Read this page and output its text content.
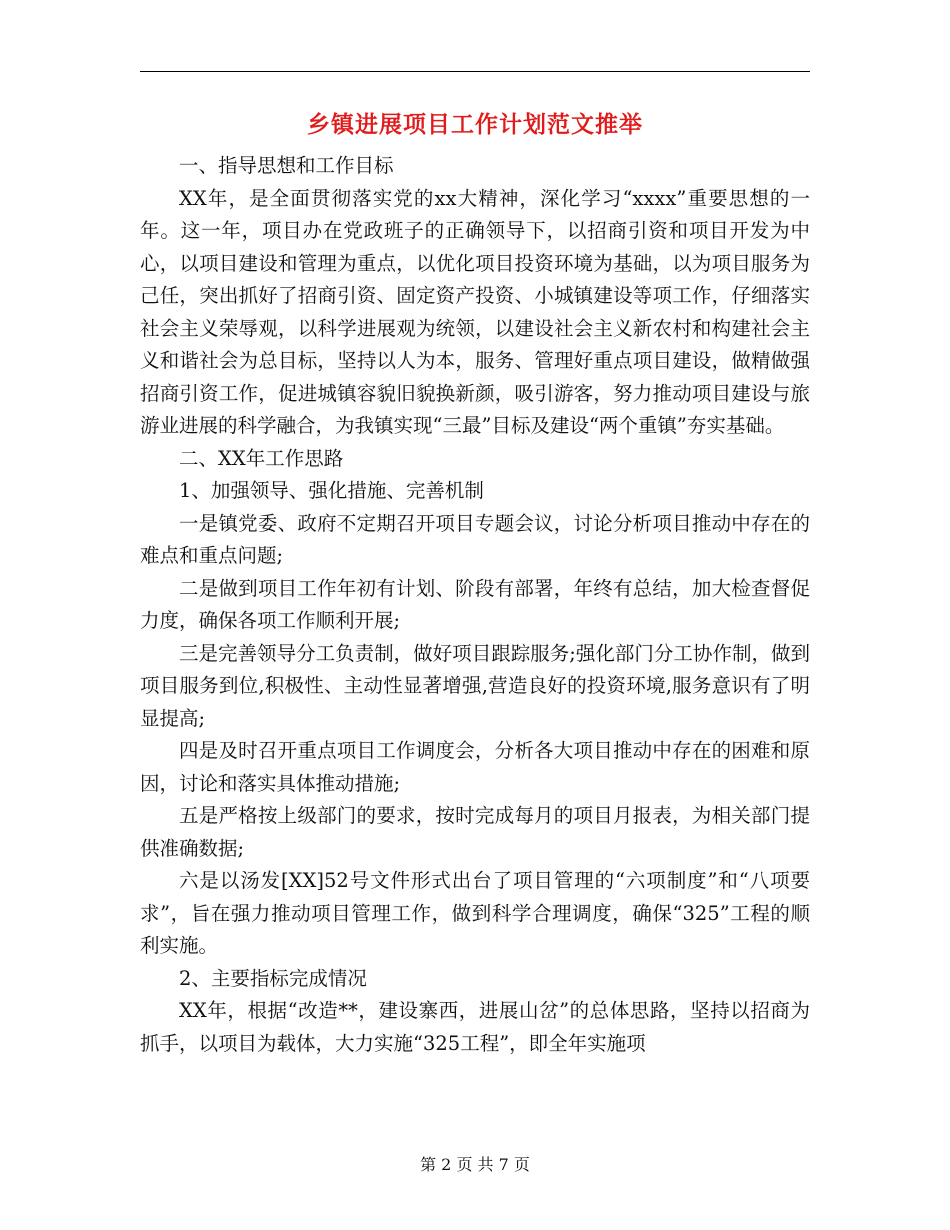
乡镇进展项目工作计划范文推举

一、指导思想和工作目标

XX年，是全面贯彻落实党的xx大精神，深化学习“xxxx”重要思想的一年。这一年，项目办在党政班子的正确领导下，以招商引资和项目开发为中心，以项目建设和管理为重点，以优化项目投资环境为基础，以为项目服务为己任，突出抓好了招商引资、固定资产投资、小城镇建设等项工作，仔细落实社会主义荣辱观，以科学进展观为统领，以建设社会主义新农村和构建社会主义和谐社会为总目标，坚持以人为本，服务、管理好重点项目建设，做精做强招商引资工作，促进城镇容貌旧貌换新颜，吸引游客，努力推动项目建设与旅游业进展的科学融合，为我镇实现“三最”目标及建设“两个重镇”夯实基础。

二、XX年工作思路

1、加强领导、强化措施、完善机制

一是镇党委、政府不定期召开项目专题会议，讨论分析项目推动中存在的难点和重点问题;

二是做到项目工作年初有计划、阶段有部署，年终有总结，加大检查督促力度，确保各项工作顺利开展;

三是完善领导分工负责制，做好项目跟踪服务;强化部门分工协作制，做到项目服务到位,积极性、主动性显著增强,营造良好的投资环境,服务意识有了明显提高;

四是及时召开重点项目工作调度会，分析各大项目推动中存在的困难和原因，讨论和落实具体推动措施;

五是严格按上级部门的要求，按时完成每月的项目月报表，为相关部门提供准确数据;

六是以汤发[XX]52号文件形式出台了项目管理的“六项制度”和“八项要求”，旨在强力推动项目管理工作，做到科学合理调度，确保“325”工程的顺利实施。

2、主要指标完成情况

XX年，根据“改造**，建设寨西，进展山岔”的总体思路，坚持以招商为抓手，以项目为载体，大力实施“325工程”，即全年实施项

第 2 页 共 7 页
